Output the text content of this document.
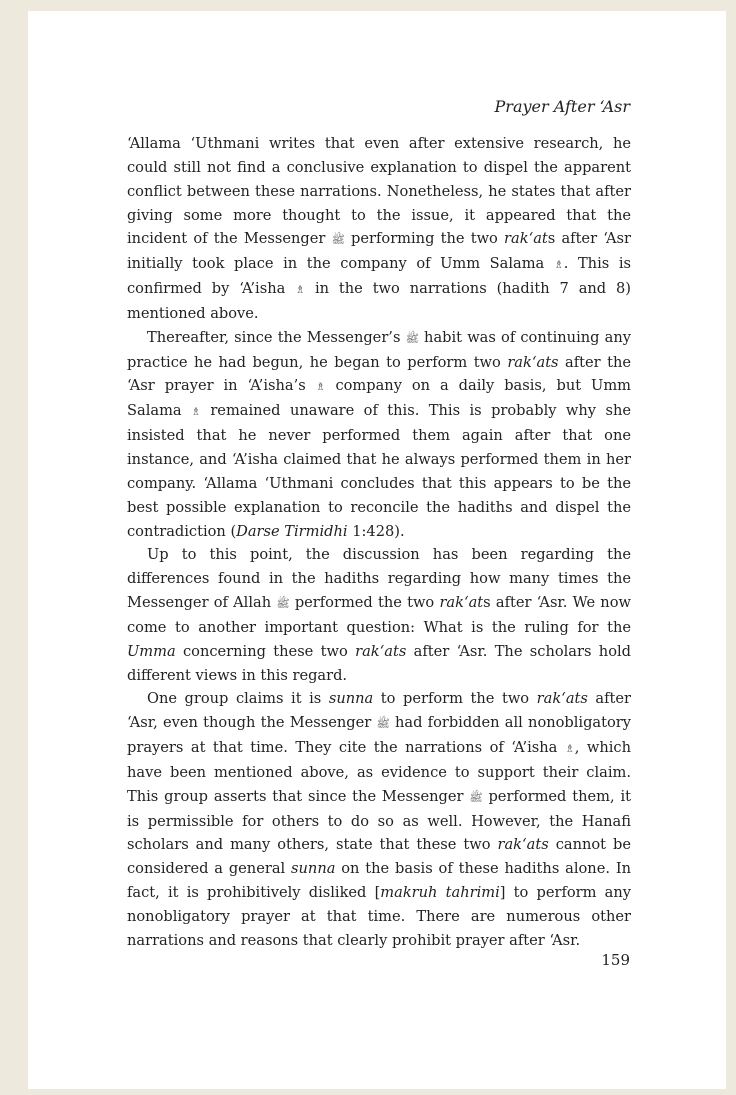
Prayer After ‘Asr

‘Allama ‘Uthmani writes that even after extensive research, he could still not find a conclusive explanation to dispel the apparent conflict between these narrations. Nonetheless, he states that after giving some more thought to the issue, it appeared that the incident of the Messenger ﷺ performing the two rak‘ats after ‘Asr initially took place in the company of Umm Salama ♗. This is confirmed by ‘A’isha ♗ in the two narrations (hadith 7 and 8) mentioned above.

Thereafter, since the Messenger’s ﷺ habit was of continuing any practice he had begun, he began to perform two rak‘ats after the ‘Asr prayer in ‘A’isha’s ♗ company on a daily basis, but Umm Salama ♗ remained unaware of this. This is probably why she insisted that he never performed them again after that one instance, and ‘A’isha claimed that he always performed them in her company. ‘Allama ‘Uthmani concludes that this appears to be the best possible explanation to reconcile the hadiths and dispel the contradiction (Darse Tirmidhi 1:428).

Up to this point, the discussion has been regarding the differences found in the hadiths regarding how many times the Messenger of Allah ﷺ performed the two rak‘ats after ‘Asr. We now come to another important question: What is the ruling for the Umma concerning these two rak‘ats after ‘Asr. The scholars hold different views in this regard.

One group claims it is sunna to perform the two rak‘ats after ‘Asr, even though the Messenger ﷺ had forbidden all nonobligatory prayers at that time. They cite the narrations of ‘A’isha ♗, which have been mentioned above, as evidence to support their claim. This group asserts that since the Messenger ﷺ performed them, it is permissible for others to do so as well. However, the Hanafi scholars and many others, state that these two rak‘ats cannot be considered a general sunna on the basis of these hadiths alone. In fact, it is prohibitively disliked [makruh tahrimi] to perform any nonobligatory prayer at that time. There are numerous other narrations and reasons that clearly prohibit prayer after ‘Asr.

159
